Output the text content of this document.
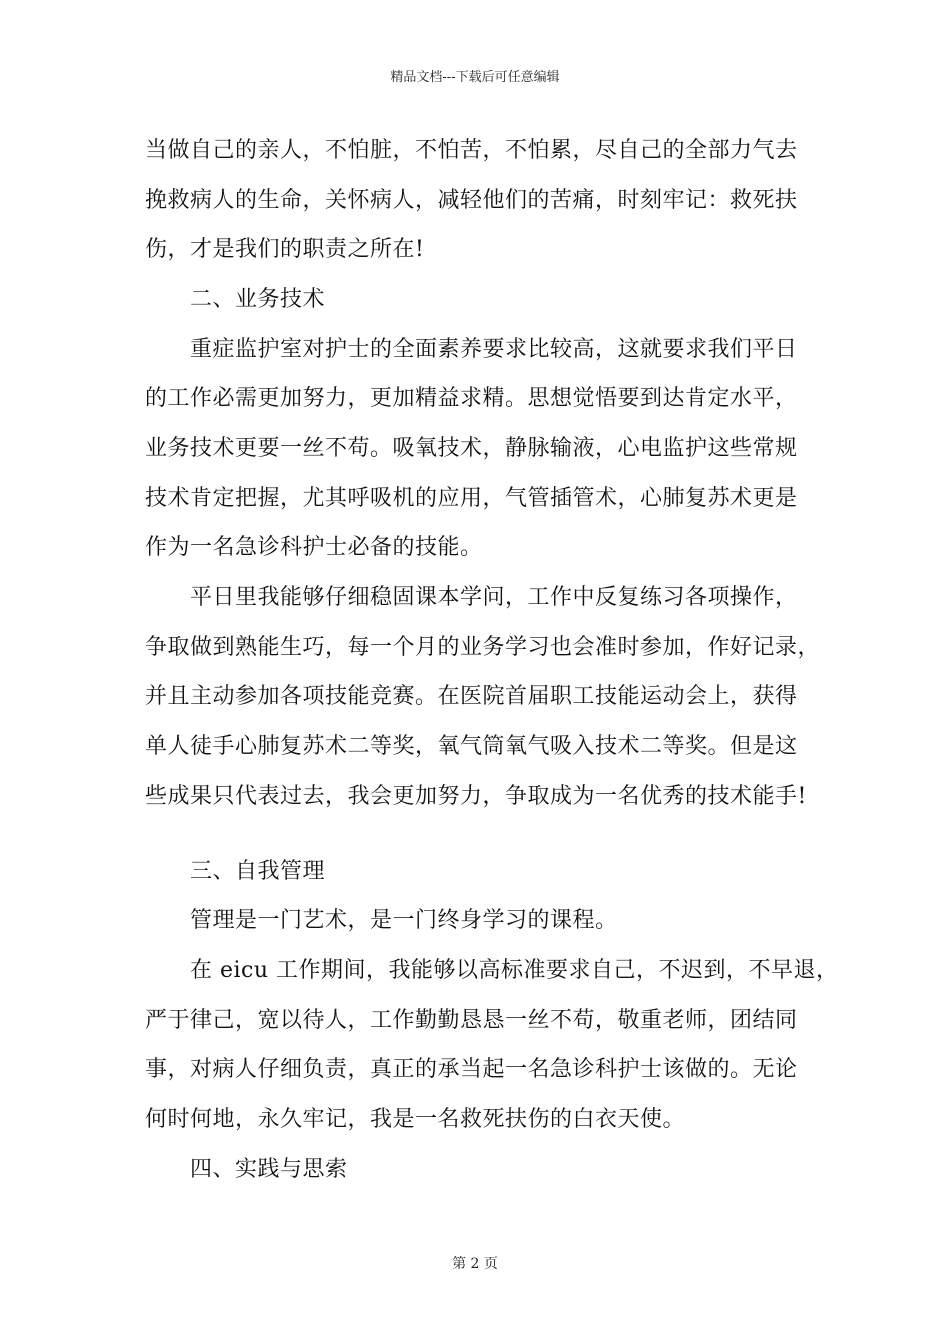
精品文档---下载后可任意编辑
当做自己的亲人，不怕脏，不怕苦，不怕累，尽自己的全部力气去
挽救病人的生命，关怀病人，减轻他们的苦痛，时刻牢记：救死扶
伤，才是我们的职责之所在!
二、业务技术
重症监护室对护士的全面素养要求比较高，这就要求我们平日
的工作必需更加努力，更加精益求精。思想觉悟要到达肯定水平，
业务技术更要一丝不苟。吸氧技术，静脉输液，心电监护这些常规
技术肯定把握，尤其呼吸机的应用，气管插管术，心肺复苏术更是
作为一名急诊科护士必备的技能。
平日里我能够仔细稳固课本学问，工作中反复练习各项操作，
争取做到熟能生巧，每一个月的业务学习也会准时参加，作好记录，
并且主动参加各项技能竞赛。在医院首届职工技能运动会上，获得
单人徒手心肺复苏术二等奖，氧气筒氧气吸入技术二等奖。但是这
些成果只代表过去，我会更加努力，争取成为一名优秀的技术能手!
三、自我管理
管理是一门艺术，是一门终身学习的课程。
在 eicu 工作期间，我能够以高标准要求自己，不迟到，不早退，
严于律己，宽以待人，工作勤勤恳恳一丝不苟，敬重老师，团结同
事，对病人仔细负责，真正的承当起一名急诊科护士该做的。无论
何时何地，永久牢记，我是一名救死扶伤的白衣天使。
四、实践与思索
第 2 页
